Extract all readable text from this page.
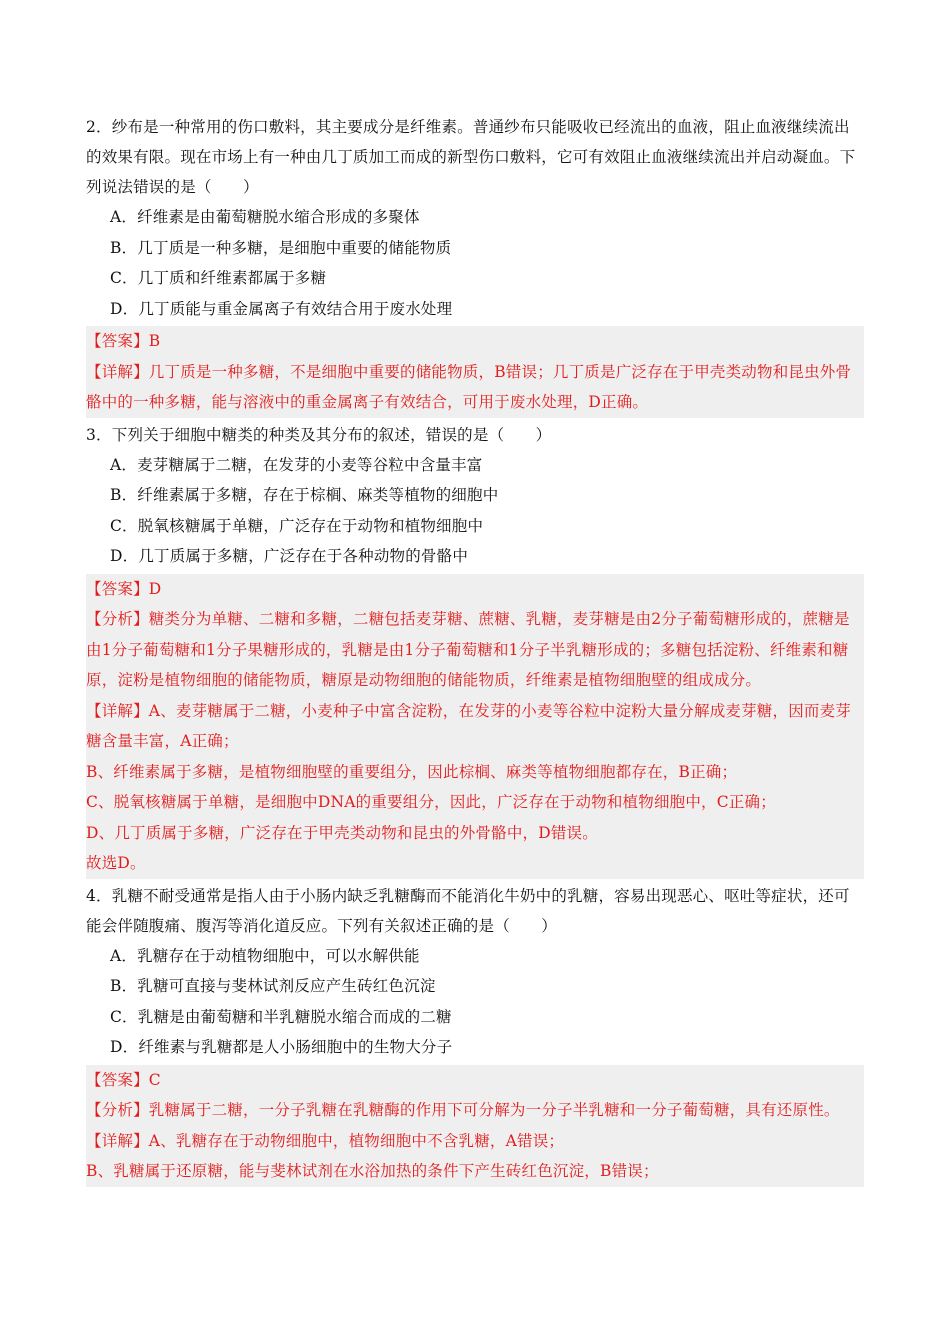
2．纱布是一种常用的伤口敷料，其主要成分是纤维素。普通纱布只能吸收已经流出的血液，阻止血液继续流出的效果有限。现在市场上有一种由几丁质加工而成的新型伤口敷料，它可有效阻止血液继续流出并启动凝血。下列说法错误的是（　　）

A．纤维素是由葡萄糖脱水缩合形成的多聚体

B．几丁质是一种多糖，是细胞中重要的储能物质

C．几丁质和纤维素都属于多糖

D．几丁质能与重金属离子有效结合用于废水处理

【答案】B

【详解】几丁质是一种多糖，不是细胞中重要的储能物质，B错误；几丁质是广泛存在于甲壳类动物和昆虫外骨骼中的一种多糖，能与溶液中的重金属离子有效结合，可用于废水处理，D正确。

3．下列关于细胞中糖类的种类及其分布的叙述，错误的是（　　）

A．麦芽糖属于二糖，在发芽的小麦等谷粒中含量丰富

B．纤维素属于多糖，存在于棕榈、麻类等植物的细胞中

C．脱氧核糖属于单糖，广泛存在于动物和植物细胞中

D．几丁质属于多糖，广泛存在于各种动物的骨骼中

【答案】D

【分析】糖类分为单糖、二糖和多糖，二糖包括麦芽糖、蔗糖、乳糖，麦芽糖是由2分子葡萄糖形成的，蔗糖是由1分子葡萄糖和1分子果糖形成的，乳糖是由1分子葡萄糖和1分子半乳糖形成的；多糖包括淀粉、纤维素和糖原，淀粉是植物细胞的储能物质，糖原是动物细胞的储能物质，纤维素是植物细胞壁的组成成分。

【详解】A、麦芽糖属于二糖，小麦种子中富含淀粉，在发芽的小麦等谷粒中淀粉大量分解成麦芽糖，因而麦芽糖含量丰富，A正确；

B、纤维素属于多糖，是植物细胞壁的重要组分，因此棕榈、麻类等植物细胞都存在，B正确；

C、脱氧核糖属于单糖，是细胞中DNA的重要组分，因此，广泛存在于动物和植物细胞中，C正确；

D、几丁质属于多糖，广泛存在于甲壳类动物和昆虫的外骨骼中，D错误。

故选D。

4．乳糖不耐受通常是指人由于小肠内缺乏乳糖酶而不能消化牛奶中的乳糖，容易出现恶心、呕吐等症状，还可能会伴随腹痛、腹泻等消化道反应。下列有关叙述正确的是（　　）

A．乳糖存在于动植物细胞中，可以水解供能

B．乳糖可直接与斐林试剂反应产生砖红色沉淀

C．乳糖是由葡萄糖和半乳糖脱水缩合而成的二糖

D．纤维素与乳糖都是人小肠细胞中的生物大分子

【答案】C

【分析】乳糖属于二糖，一分子乳糖在乳糖酶的作用下可分解为一分子半乳糖和一分子葡萄糖，具有还原性。

【详解】A、乳糖存在于动物细胞中，植物细胞中不含乳糖，A错误；

B、乳糖属于还原糖，能与斐林试剂在水浴加热的条件下产生砖红色沉淀，B错误；
